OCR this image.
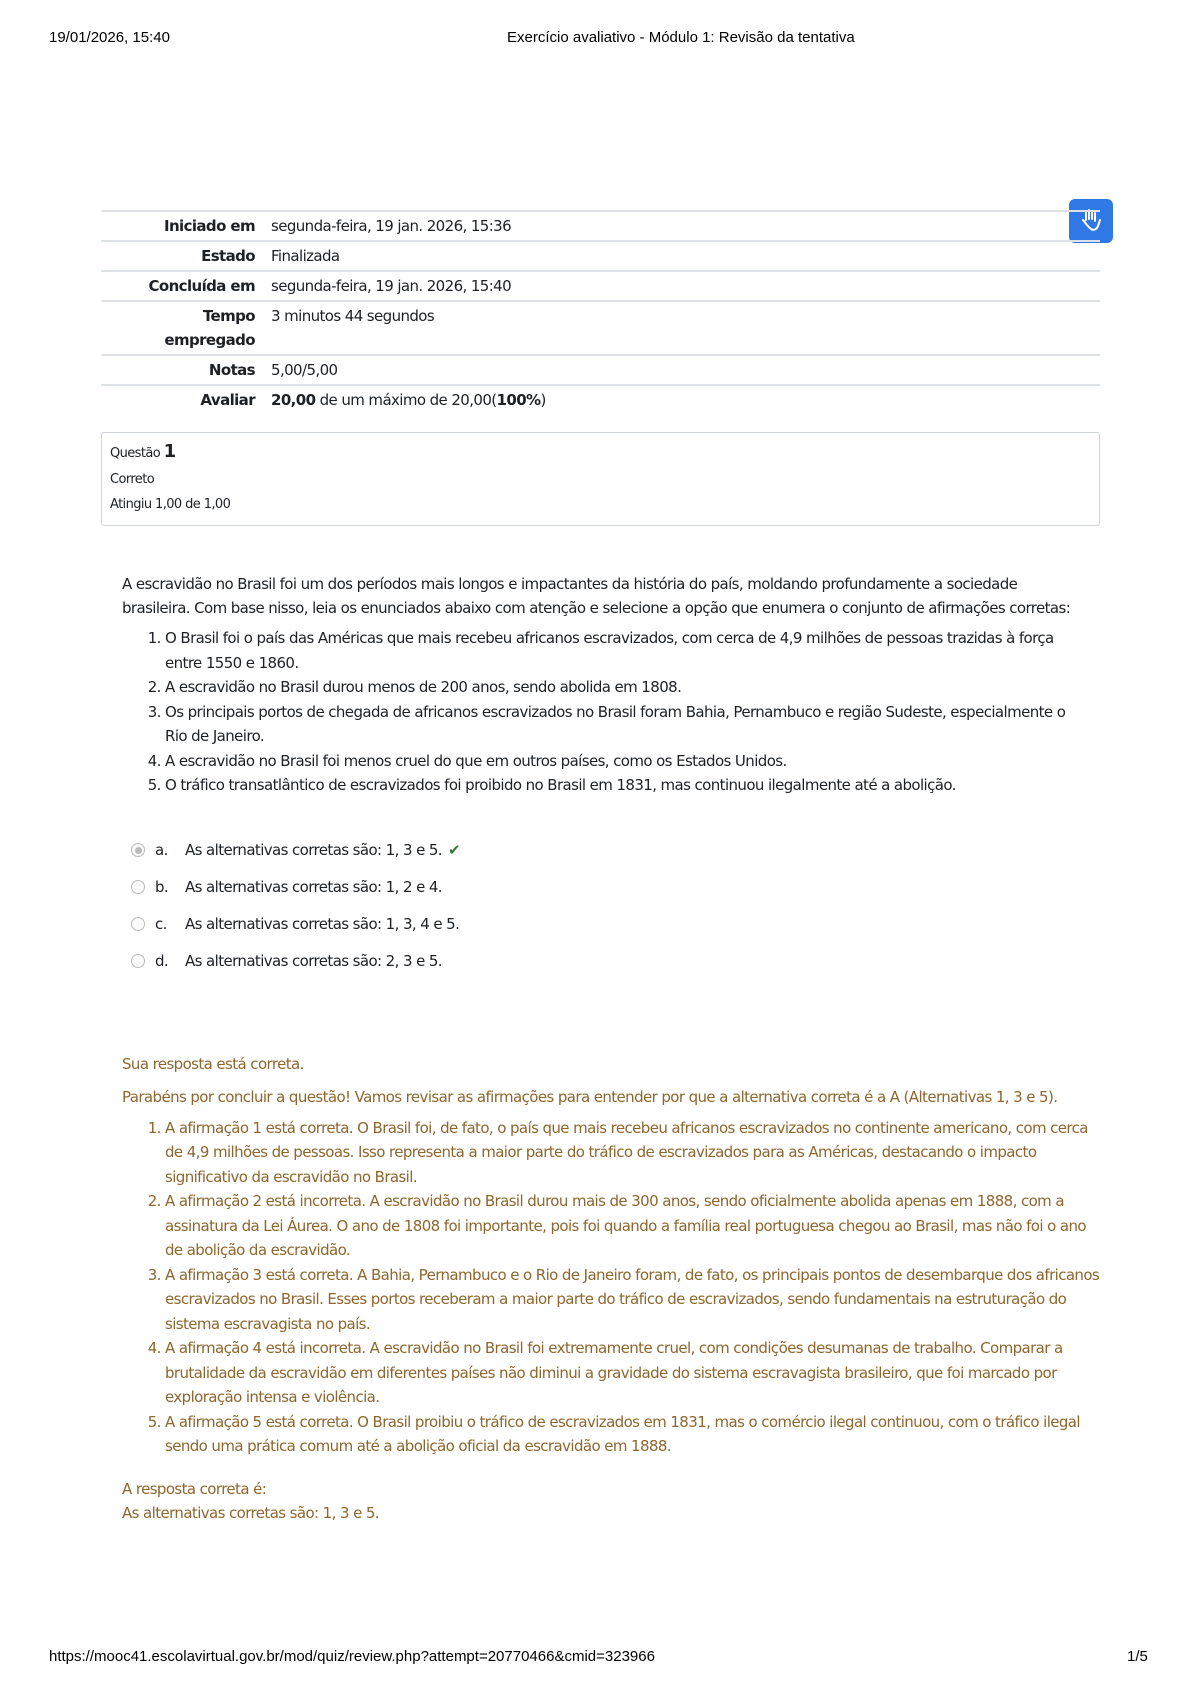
19/01/2026, 15:40	Exercício avaliativo - Módulo 1: Revisão da tentativa
Iniciado em	segunda-feira, 19 jan. 2026, 15:36
Estado	Finalizada
Concluída em	segunda-feira, 19 jan. 2026, 15:40
Tempo empregado	3 minutos 44 segundos
Notas	5,00/5,00
Avaliar	20,00 de um máximo de 20,00(100%)
Questão 1
Correto
Atingiu 1,00 de 1,00
A escravidão no Brasil foi um dos períodos mais longos e impactantes da história do país, moldando profundamente a sociedade brasileira. Com base nisso, leia os enunciados abaixo com atenção e selecione a opção que enumera o conjunto de afirmações corretas:
1. O Brasil foi o país das Américas que mais recebeu africanos escravizados, com cerca de 4,9 milhões de pessoas trazidas à força entre 1550 e 1860.
2. A escravidão no Brasil durou menos de 200 anos, sendo abolida em 1808.
3. Os principais portos de chegada de africanos escravizados no Brasil foram Bahia, Pernambuco e região Sudeste, especialmente o Rio de Janeiro.
4. A escravidão no Brasil foi menos cruel do que em outros países, como os Estados Unidos.
5. O tráfico transatlântico de escravizados foi proibido no Brasil em 1831, mas continuou ilegalmente até a abolição.
a.	As alternativas corretas são: 1, 3 e 5. ✔
b.	As alternativas corretas são: 1, 2 e 4.
c.	As alternativas corretas são: 1, 3, 4 e 5.
d.	As alternativas corretas são: 2, 3 e 5.

Sua resposta está correta.

Parabéns por concluir a questão! Vamos revisar as afirmações para entender por que a alternativa correta é a A (Alternativas 1, 3 e 5).
1. A afirmação 1 está correta. O Brasil foi, de fato, o país que mais recebeu africanos escravizados no continente americano, com cerca de 4,9 milhões de pessoas. Isso representa a maior parte do tráfico de escravizados para as Américas, destacando o impacto significativo da escravidão no Brasil.
2. A afirmação 2 está incorreta. A escravidão no Brasil durou mais de 300 anos, sendo oficialmente abolida apenas em 1888, com a assinatura da Lei Áurea. O ano de 1808 foi importante, pois foi quando a família real portuguesa chegou ao Brasil, mas não foi o ano de abolição da escravidão.
3. A afirmação 3 está correta. A Bahia, Pernambuco e o Rio de Janeiro foram, de fato, os principais pontos de desembarque dos africanos escravizados no Brasil. Esses portos receberam a maior parte do tráfico de escravizados, sendo fundamentais na estruturação do sistema escravagista no país.
4. A afirmação 4 está incorreta. A escravidão no Brasil foi extremamente cruel, com condições desumanas de trabalho. Comparar a brutalidade da escravidão em diferentes países não diminui a gravidade do sistema escravagista brasileiro, que foi marcado por exploração intensa e violência.
5. A afirmação 5 está correta. O Brasil proibiu o tráfico de escravizados em 1831, mas o comércio ilegal continuou, com o tráfico ilegal sendo uma prática comum até a abolição oficial da escravidão em 1888.
A resposta correta é:
As alternativas corretas são: 1, 3 e 5.
https://mooc41.escolavirtual.gov.br/mod/quiz/review.php?attempt=20770466&cmid=323966	1/5
